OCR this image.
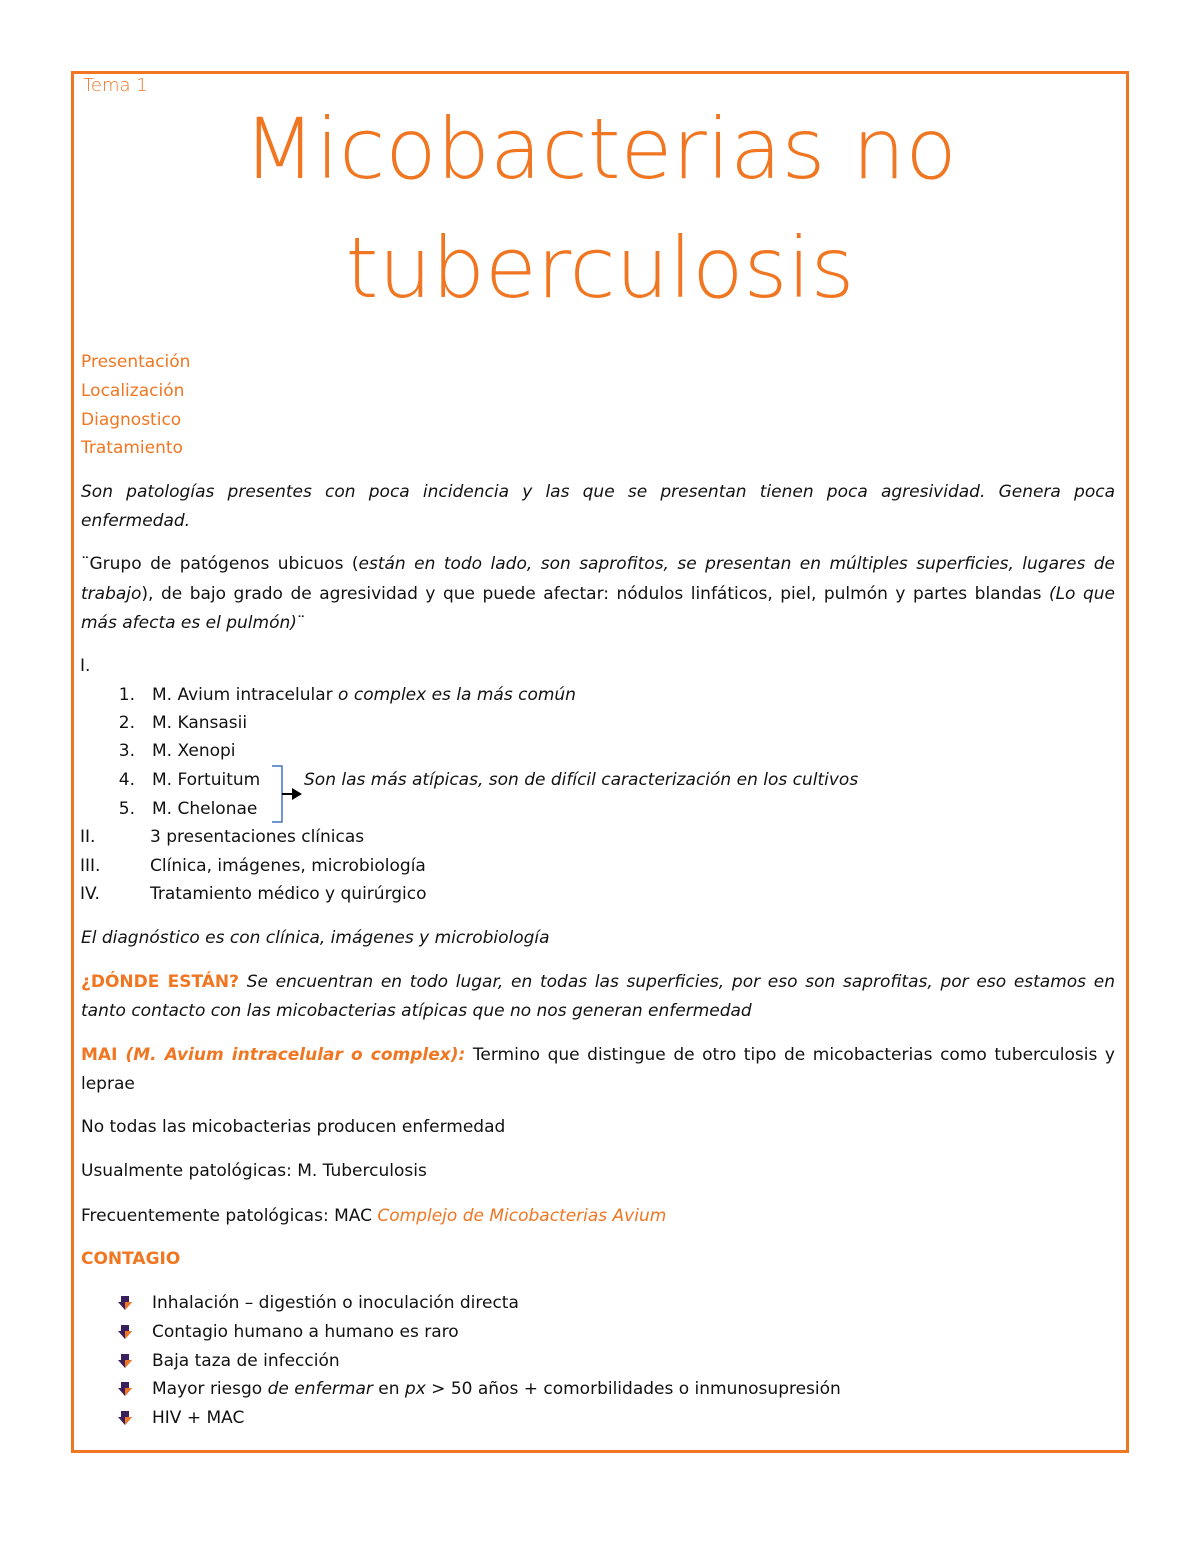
Tema 1
Micobacterias no
tuberculosis
Presentación
Localización
Diagnostico
Tratamiento
Son patologías presentes con poca incidencia y las que se presentan tienen poca agresividad. Genera poca
enfermedad.
¨Grupo de patógenos ubicuos (están en todo lado, son saprofitos, se presentan en múltiples superficies, lugares de
trabajo), de bajo grado de agresividad y que puede afectar: nódulos linfáticos, piel, pulmón y partes blandas (Lo que
más afecta es el pulmón)¨
I.
1. M. Avium intracelular o complex es la más común
2. M. Kansasii
3. M. Xenopi
4. M. Fortuitum
5. M. Chelonae
Son las más atípicas, son de difícil caracterización en los cultivos
II.	3 presentaciones clínicas
III.	Clínica, imágenes, microbiología
IV.	Tratamiento médico y quirúrgico
El diagnóstico es con clínica, imágenes y microbiología
¿DÓNDE ESTÁN? Se encuentran en todo lugar, en todas las superficies, por eso son saprofitas, por eso estamos en
tanto contacto con las micobacterias atípicas que no nos generan enfermedad
MAI (M. Avium intracelular o complex): Termino que distingue de otro tipo de micobacterias como tuberculosis y
leprae
No todas las micobacterias producen enfermedad
Usualmente patológicas: M. Tuberculosis
Frecuentemente patológicas: MAC Complejo de Micobacterias Avium
CONTAGIO
Inhalación – digestión o inoculación directa
Contagio humano a humano es raro
Baja taza de infección
Mayor riesgo de enfermar en px > 50 años + comorbilidades o inmunosupresión
HIV + MAC
